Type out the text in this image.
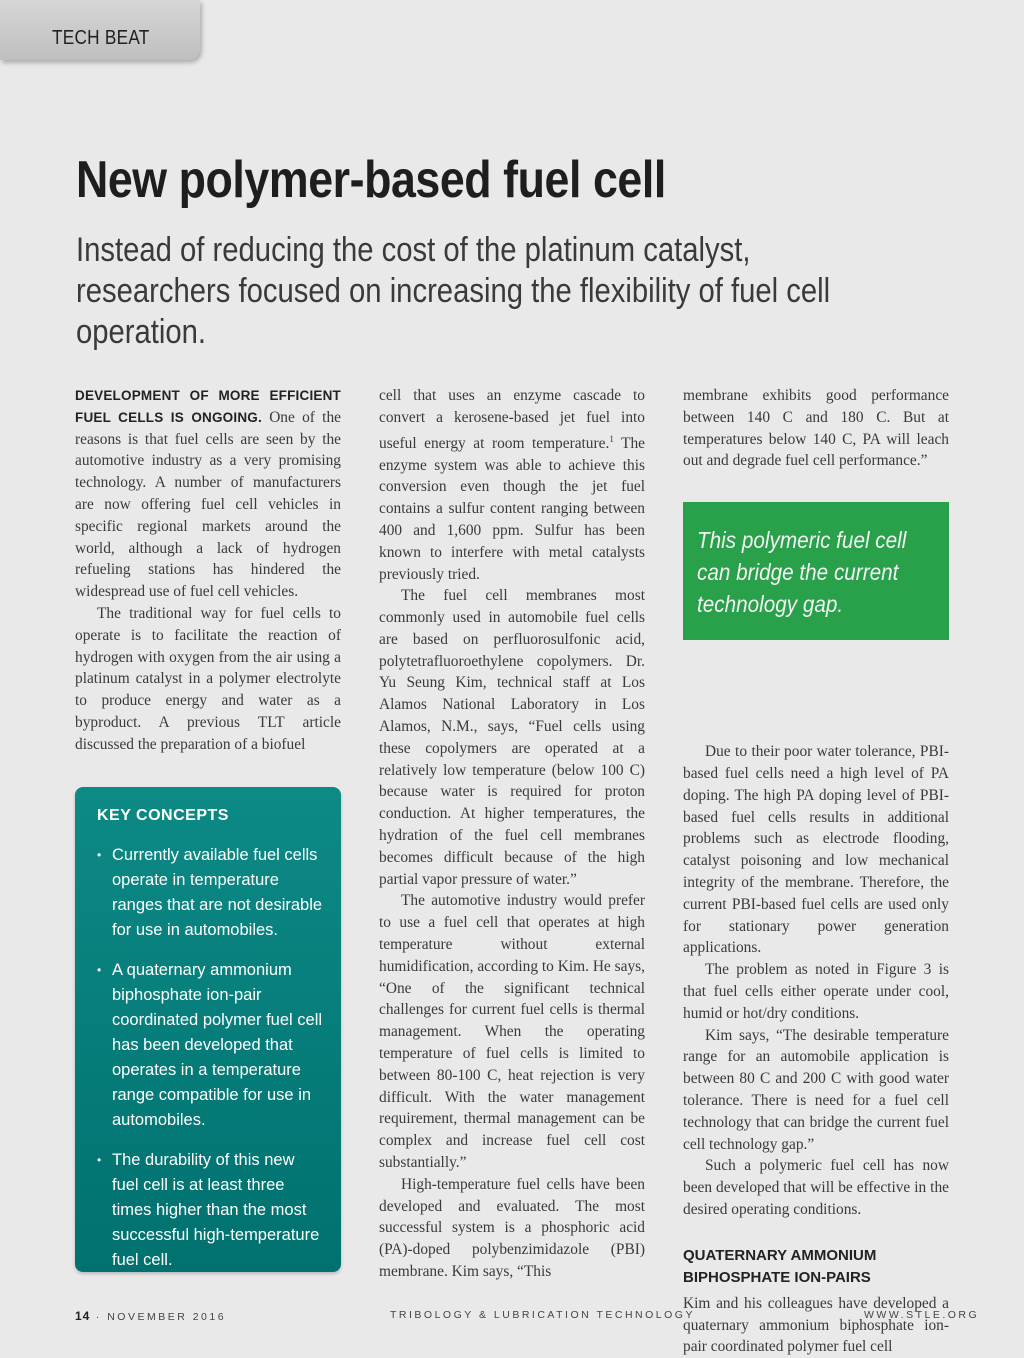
TECH BEAT
New polymer-based fuel cell

Instead of reducing the cost of the platinum catalyst, researchers focused on increasing the flexibility of fuel cell operation.

DEVELOPMENT OF MORE EFFICIENT FUEL CELLS IS ONGOING. One of the reasons is that fuel cells are seen by the automotive industry as a very promising technology. A number of manufacturers are now offering fuel cell vehicles in specific regional markets around the world, although a lack of hydrogen refueling stations has hindered the widespread use of fuel cell vehicles.

The traditional way for fuel cells to operate is to facilitate the reaction of hydrogen with oxygen from the air using a platinum catalyst in a polymer electrolyte to produce energy and water as a byproduct. A previous TLT article discussed the preparation of a biofuel

KEY CONCEPTS
• Currently available fuel cells operate in temperature ranges that are not desirable for use in automobiles.
• A quaternary ammonium biphosphate ion-pair coordinated polymer fuel cell has been developed that operates in a temperature range compatible for use in automobiles.
• The durability of this new fuel cell is at least three times higher than the most successful high-temperature fuel cell.

cell that uses an enzyme cascade to convert a kerosene-based jet fuel into useful energy at room temperature.$^1$ The enzyme system was able to achieve this conversion even though the jet fuel contains a sulfur content ranging between 400 and 1,600 ppm. Sulfur has been known to interfere with metal catalysts previously tried.

The fuel cell membranes most commonly used in automobile fuel cells are based on perfluorosulfonic acid, polytetrafluoroethylene copolymers. Dr. Yu Seung Kim, technical staff at Los Alamos National Laboratory in Los Alamos, N.M., says, “Fuel cells using these copolymers are operated at a relatively low temperature (below 100 C) because water is required for proton conduction. At higher temperatures, the hydration of the fuel cell membranes becomes difficult because of the high partial vapor pressure of water.”

The automotive industry would prefer to use a fuel cell that operates at high temperature without external humidification, according to Kim. He says, “One of the significant technical challenges for current fuel cells is thermal management. When the operating temperature of fuel cells is limited to between 80-100 C, heat rejection is very difficult. With the water management requirement, thermal management can be complex and increase fuel cell cost substantially.”

High-temperature fuel cells have been developed and evaluated. The most successful system is a phosphoric acid (PA)-doped polybenzimidazole (PBI) membrane. Kim says, “This

membrane exhibits good performance between 140 C and 180 C. But at temperatures below 140 C, PA will leach out and degrade fuel cell performance.”

Due to their poor water tolerance, PBI-based fuel cells need a high level of PA doping. The high PA doping level of PBI-based fuel cells results in additional problems such as electrode flooding, catalyst poisoning and low mechanical integrity of the membrane. Therefore, the current PBI-based fuel cells are used only for stationary power generation applications.

The problem as noted in Figure 3 is that fuel cells either operate under cool, humid or hot/dry conditions.

Kim says, “The desirable temperature range for an automobile application is between 80 C and 200 C with good water tolerance. There is need for a fuel cell technology that can bridge the current fuel cell technology gap.”

Such a polymeric fuel cell has now been developed that will be effective in the desired operating conditions.

QUATERNARY AMMONIUM BIPHOSPHATE ION-PAIRS

Kim and his colleagues have developed a quaternary ammonium biphosphate ion-pair coordinated polymer fuel cell

This polymeric fuel cell can bridge the current technology gap.
14 · NOVEMBER 2016	TRIBOLOGY & LUBRICATION TECHNOLOGY	WWW.STLE.ORG
